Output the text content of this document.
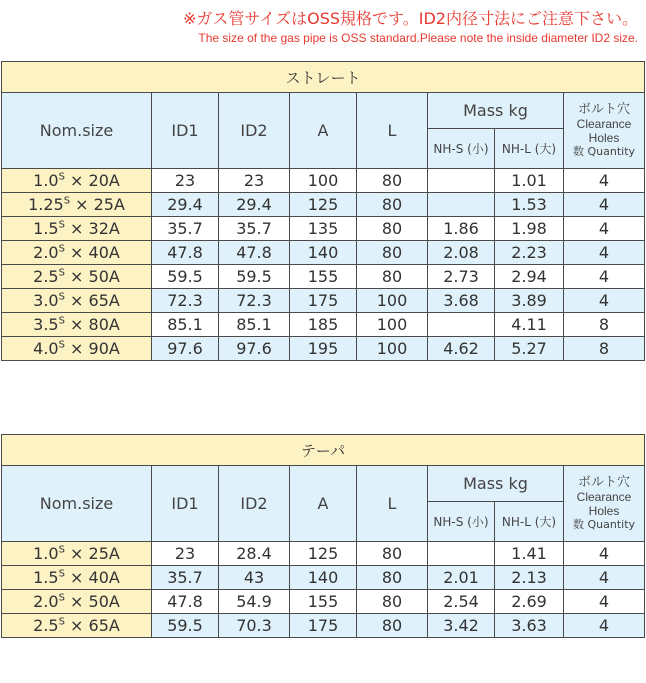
※ガス管サイズはOSS規格です。ID2内径寸法にご注意下さい。
The size of the gas pipe is OSS standard.Please note the inside diameter ID2 size.
ストレート							
Nom.size	ID1	ID2	A	L	Mass kg		ボルト穴
Clearance Holes
数 Quantity

					NH-S (小)	NH-L (大)	
$1.0^S \times 20A$	23	23	100	80		1.01	4
$1.25^S \times 25A$	29.4	29.4	125	80		1.53	4
$1.5^S \times 32A$	35.7	35.7	135	80	1.86	1.98	4
$2.0^S \times 40A$	47.8	47.8	140	80	2.08	2.23	4
$2.5^S \times 50A$	59.5	59.5	155	80	2.73	2.94	4
$3.0^S \times 65A$	72.3	72.3	175	100	3.68	3.89	4
$3.5^S \times 80A$	85.1	85.1	185	100		4.11	8
$4.0^S \times 90A$	97.6	97.6	195	100	4.62	5.27	8
テーパ							
Nom.size	ID1	ID2	A	L	Mass kg		ボルト穴
Clearance Holes
数 Quantity

					NH-S (小)	NH-L (大)	
$1.0^S \times 25A$	23	28.4	125	80		1.41	4
$1.5^S \times 40A$	35.7	43	140	80	2.01	2.13	4
$2.0^S \times 50A$	47.8	54.9	155	80	2.54	2.69	4
$2.5^S \times 65A$	59.5	70.3	175	80	3.42	3.63	4
